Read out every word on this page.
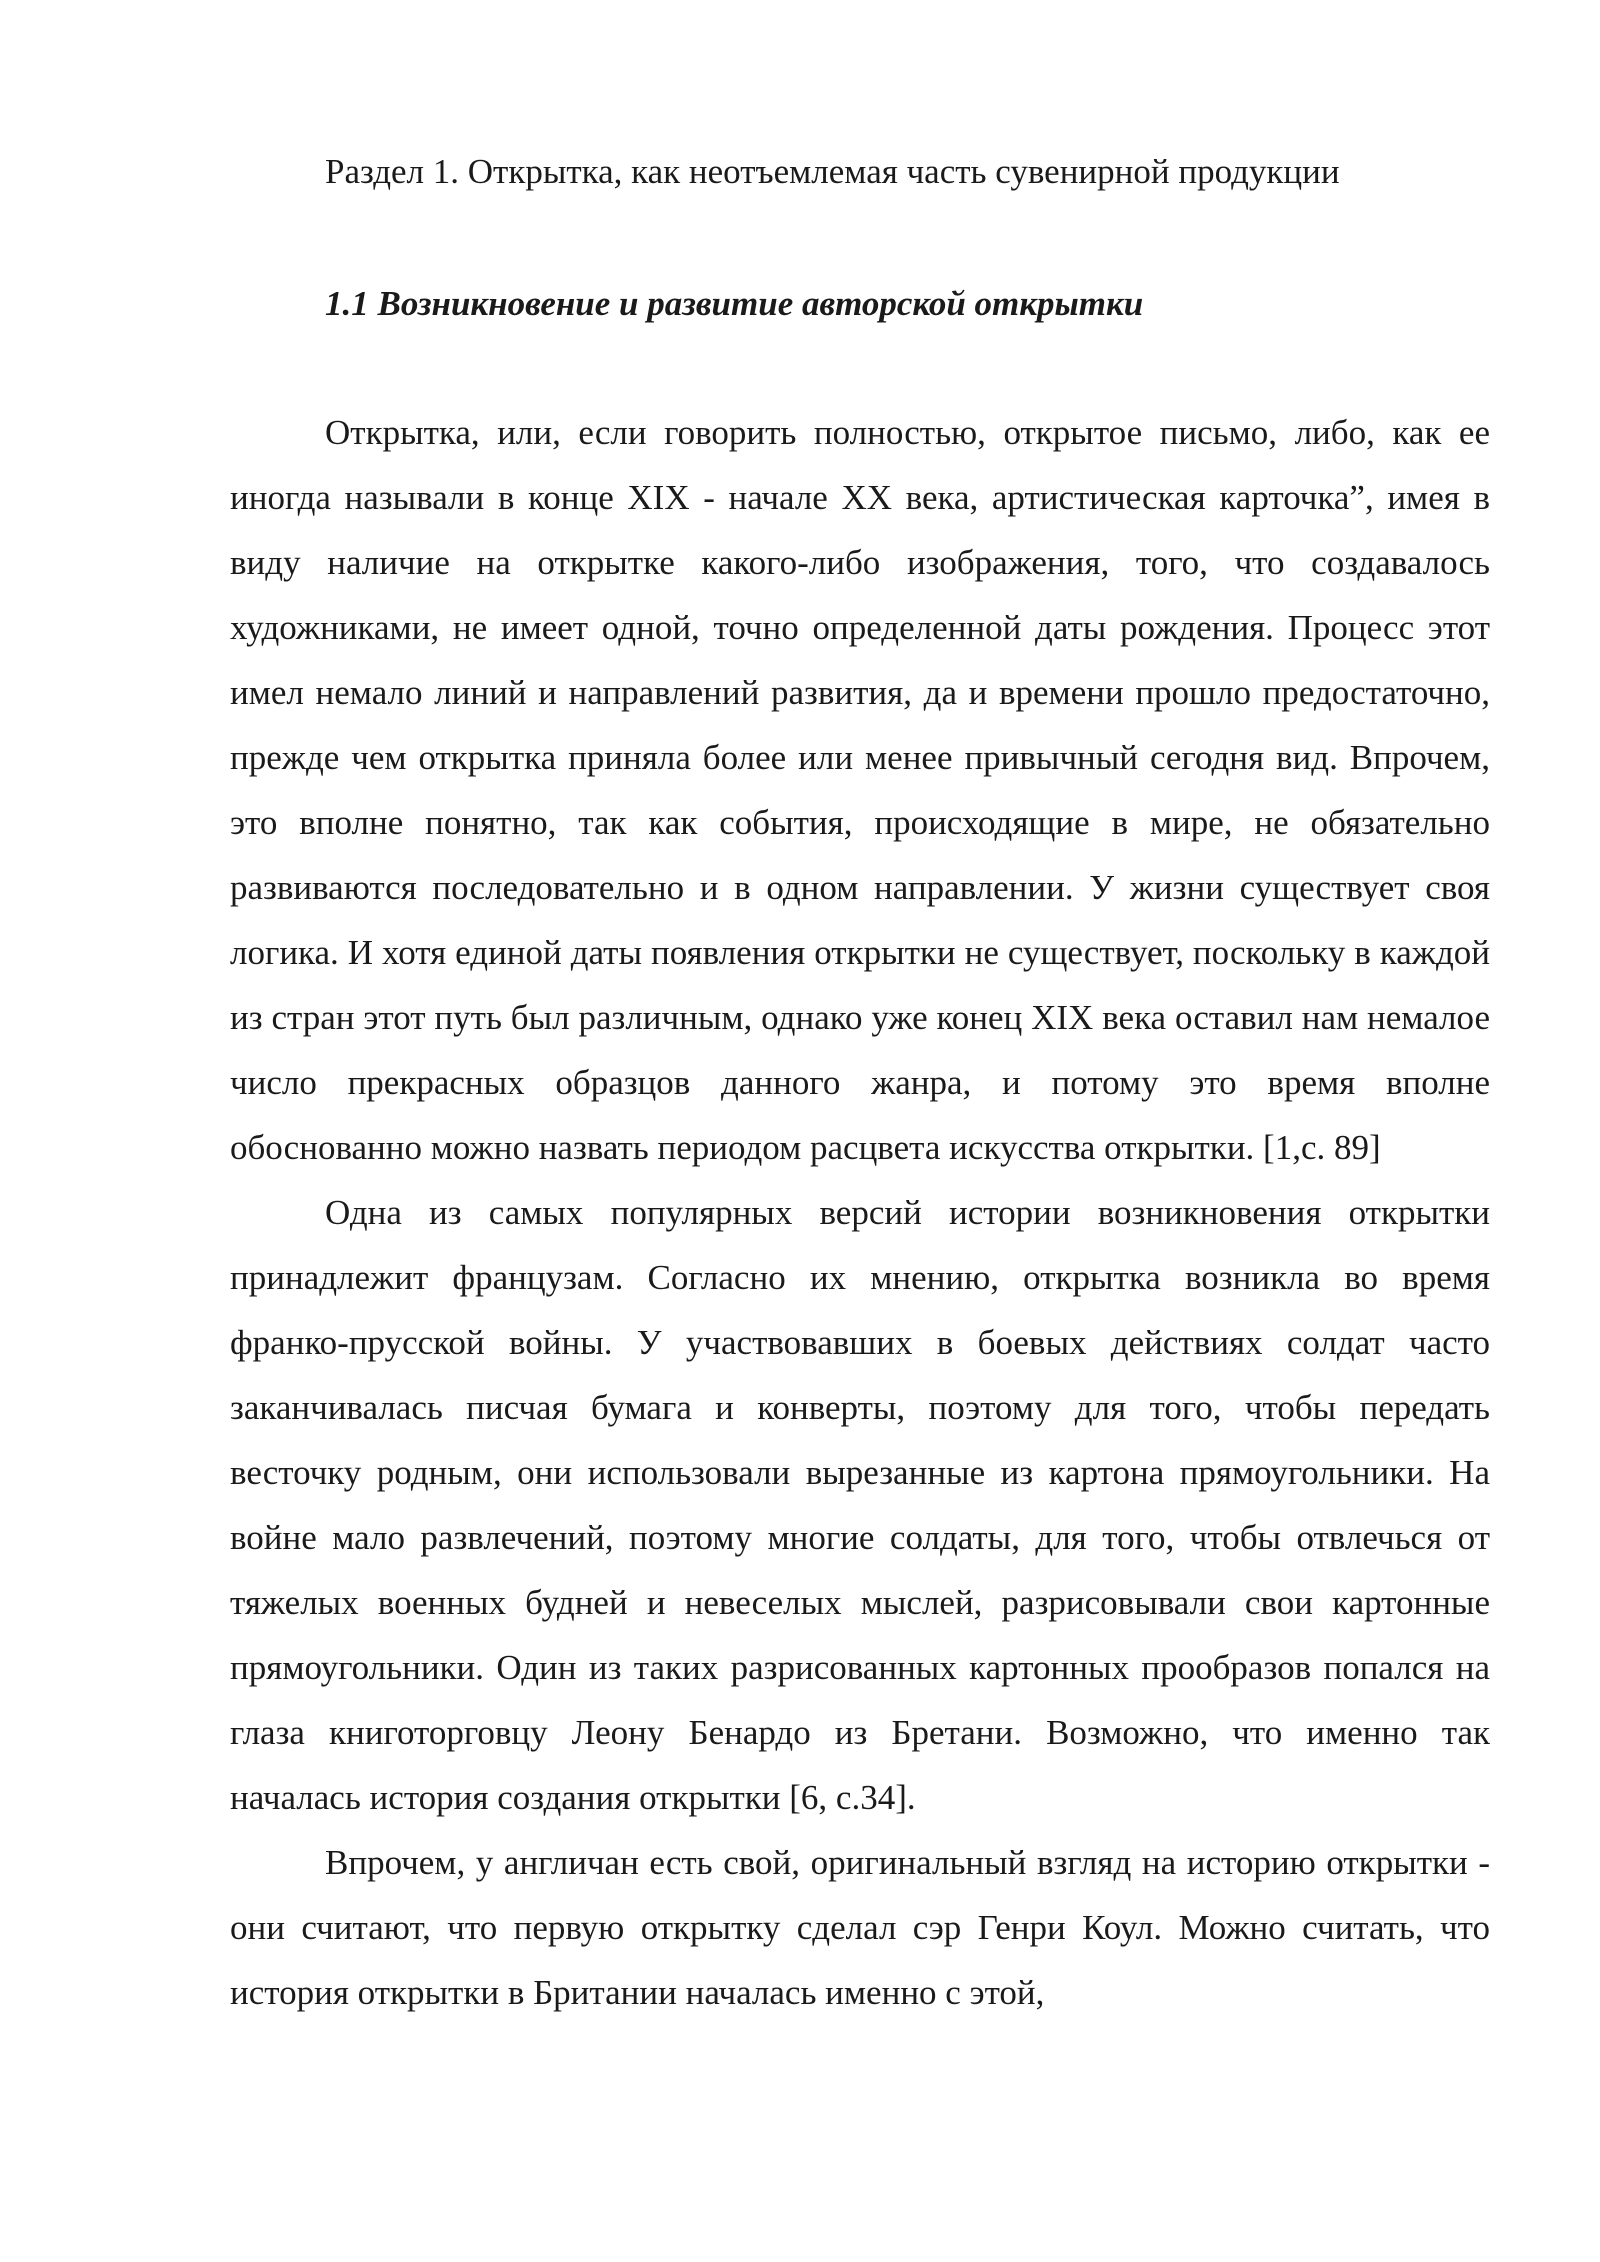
Раздел 1. Открытка, как неотъемлемая часть сувенирной продукции
1.1 Возникновение и развитие авторской открытки

Открытка, или, если говорить полностью, открытое письмо, либо, как ее иногда называли в конце XIX - начале XX века, артистическая карточка”, имея в виду наличие на открытке какого-либо изображения, того, что создавалось художниками, не имеет одной, точно определенной даты рождения. Процесс этот имел немало линий и направлений развития, да и времени прошло предостаточно, прежде чем открытка приняла более или менее привычный сегодня вид. Впрочем, это вполне понятно, так как события, происходящие в мире, не обязательно развиваются последовательно и в одном направлении. У жизни существует своя логика. И хотя единой даты появления открытки не существует, поскольку в каждой из стран этот путь был различным, однако уже конец XIX века оставил нам немалое число прекрасных образцов данного жанра, и потому это время вполне обоснованно можно назвать периодом расцвета искусства открытки. [1,с. 89]

Одна из самых популярных версий истории возникновения открытки принадлежит французам. Согласно их мнению, открытка возникла во время франко-прусской войны. У участвовавших в боевых действиях солдат часто заканчивалась писчая бумага и конверты, поэтому для того, чтобы передать весточку родным, они использовали вырезанные из картона прямоугольники. На войне мало развлечений, поэтому многие солдаты, для того, чтобы отвлечься от тяжелых военных будней и невеселых мыслей, разрисовывали свои картонные прямоугольники. Один из таких разрисованных картонных прообразов попался на глаза книготорговцу Леону Бенардо из Бретани. Возможно, что именно так началась история создания открытки [6, с.34].

Впрочем, у англичан есть свой, оригинальный взгляд на историю открытки - они считают, что первую открытку сделал сэр Генри Коул. Можно считать, что история открытки в Британии началась именно с этой,
